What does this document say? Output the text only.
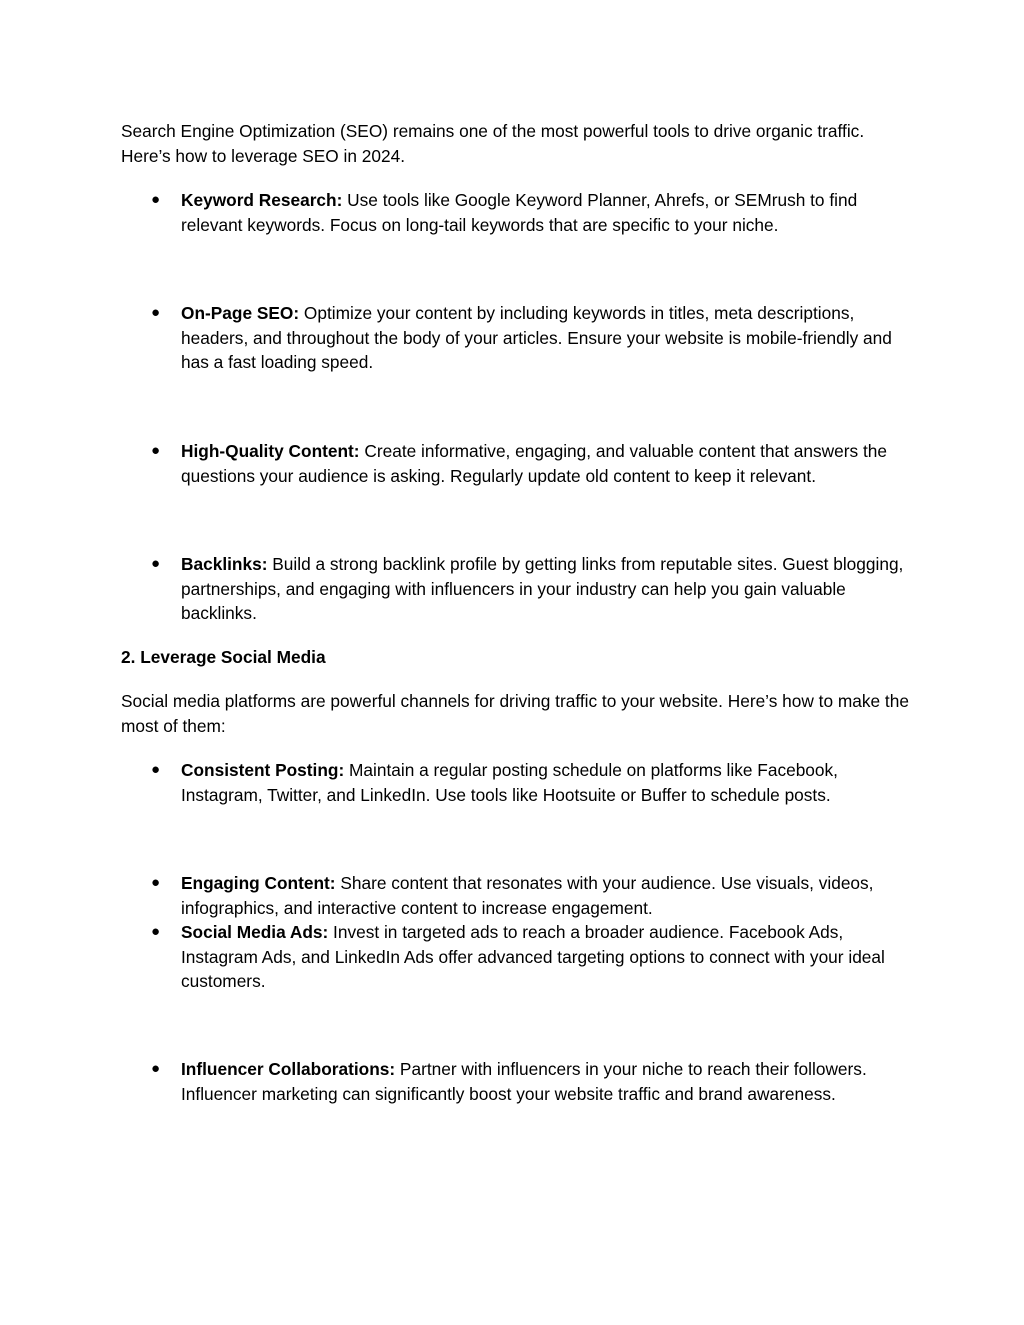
Search Engine Optimization (SEO) remains one of the most powerful tools to drive organic traffic. Here’s how to leverage SEO in 2024.

● Keyword Research: Use tools like Google Keyword Planner, Ahrefs, or SEMrush to find relevant keywords. Focus on long-tail keywords that are specific to your niche.
● On-Page SEO: Optimize your content by including keywords in titles, meta descriptions, headers, and throughout the body of your articles. Ensure your website is mobile-friendly and has a fast loading speed.
● High-Quality Content: Create informative, engaging, and valuable content that answers the questions your audience is asking. Regularly update old content to keep it relevant.
● Backlinks: Build a strong backlink profile by getting links from reputable sites. Guest blogging, partnerships, and engaging with influencers in your industry can help you gain valuable backlinks.

2. Leverage Social Media

Social media platforms are powerful channels for driving traffic to your website. Here’s how to make the most of them:

● Consistent Posting: Maintain a regular posting schedule on platforms like Facebook, Instagram, Twitter, and LinkedIn. Use tools like Hootsuite or Buffer to schedule posts.
● Engaging Content: Share content that resonates with your audience. Use visuals, videos, infographics, and interactive content to increase engagement.
● Social Media Ads: Invest in targeted ads to reach a broader audience. Facebook Ads, Instagram Ads, and LinkedIn Ads offer advanced targeting options to connect with your ideal customers.
● Influencer Collaborations: Partner with influencers in your niche to reach their followers. Influencer marketing can significantly boost your website traffic and brand awareness.
